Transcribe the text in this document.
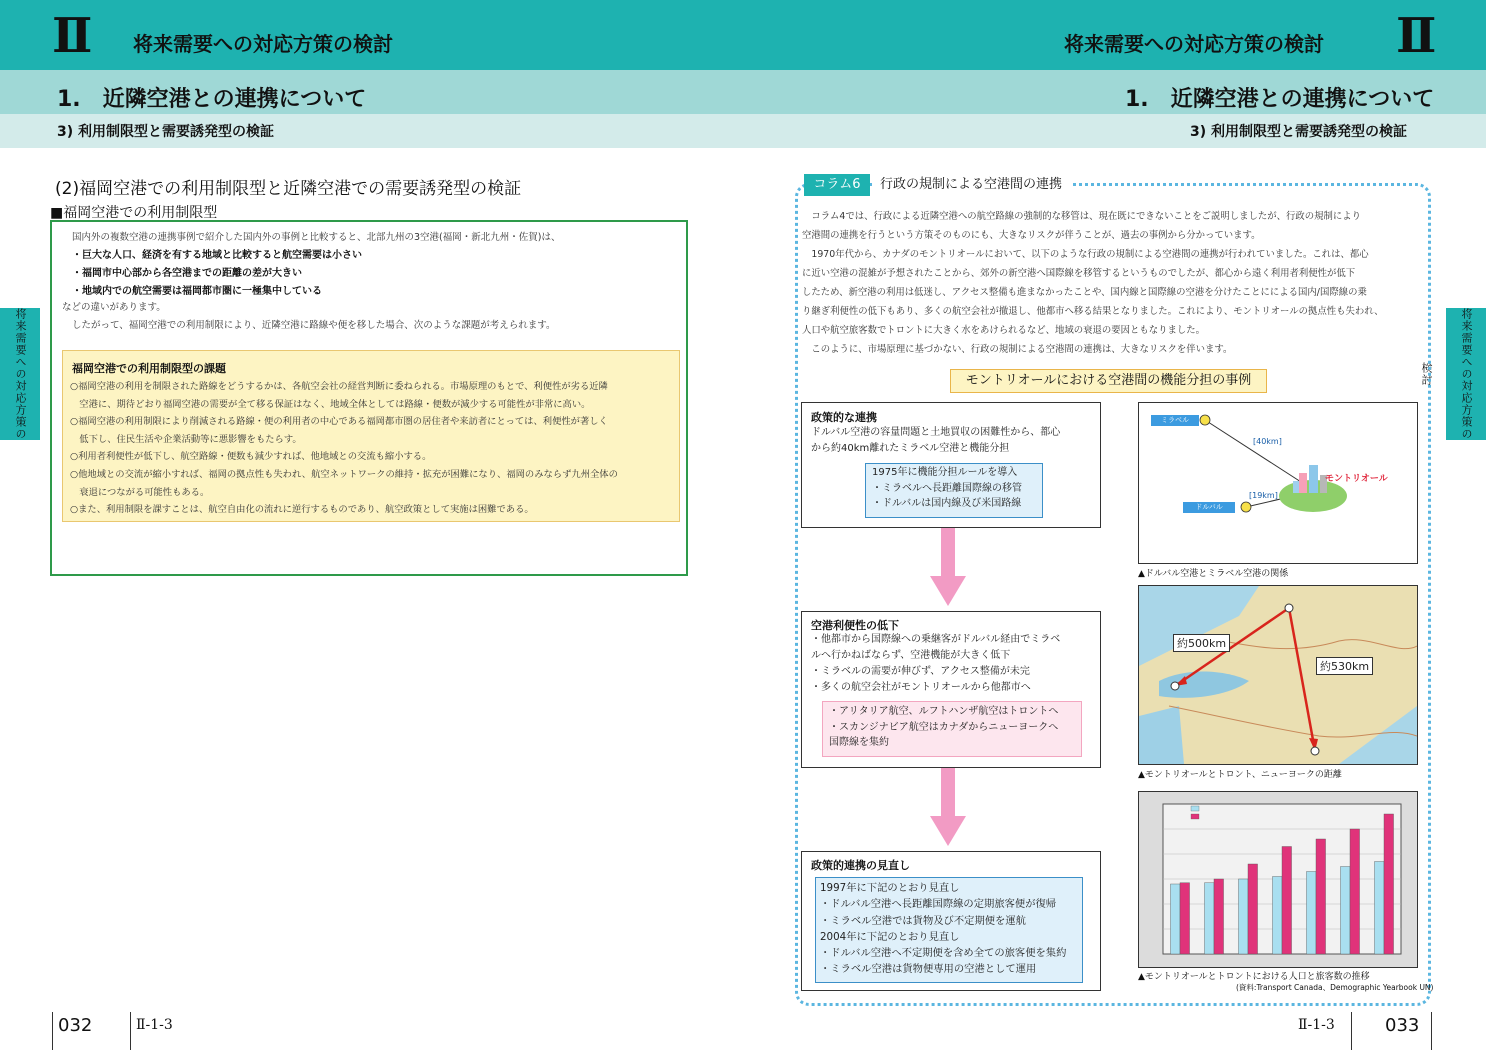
Ⅱ 将来需要への対応方策の検討	Ⅱ
将来需要への対応方策の検討
1.　近隣空港との連携について	1.　近隣空港との連携について
3) 利用制限型と需要誘発型の検証	3) 利用制限型と需要誘発型の検証
将来需要への対応方策の	将来需要への対応方策の検討
(2)福岡空港での利用制限型と近隣空港での需要誘発型の検証
■福岡空港での利用制限型
国内外の複数空港の連携事例で紹介した国内外の事例と比較すると、北部九州の3空港(福岡・新北九州・佐賀)は、
・巨大な人口、経済を有する地域と比較すると航空需要は小さい
・福岡市中心部から各空港までの距離の差が大きい
・地域内での航空需要は福岡都市圏に一極集中している
などの違いがあります。
したがって、福岡空港での利用制限により、近隣空港に路線や便を移した場合、次のような課題が考えられます。
福岡空港での利用制限型の課題
○福岡空港の利用を制限された路線をどうするかは、各航空会社の経営判断に委ねられる。市場原理のもとで、利便性が劣る近隣
　空港に、期待どおり福岡空港の需要が全て移る保証はなく、地域全体としては路線・便数が減少する可能性が非常に高い。
○福岡空港の利用制限により削減される路線・便の利用者の中心である福岡都市圏の居住者や来訪者にとっては、利便性が著しく
　低下し、住民生活や企業活動等に悪影響をもたらす。
○利用者利便性が低下し、航空路線・便数も減少すれば、他地域との交流も縮小する。
○他地域との交流が縮小すれば、福岡の拠点性も失われ、航空ネットワークの維持・拡充が困難になり、福岡のみならず九州全体の
　衰退につながる可能性もある。
○また、利用制限を課すことは、航空自由化の流れに逆行するものであり、航空政策として実施は困難である。
コラム6	行政の規制による空港間の連携
　コラム4では、行政による近隣空港への航空路線の強制的な移管は、現在既にできないことをご説明しましたが、行政の規制により
空港間の連携を行うという方策そのものにも、大きなリスクが伴うことが、過去の事例から分かっています。
　1970年代から、カナダのモントリオールにおいて、以下のような行政の規制による空港間の連携が行われていました。これは、都心
に近い空港の混雑が予想されたことから、郊外の新空港へ国際線を移管するというものでしたが、都心から遠く利用者利便性が低下
したため、新空港の利用は低迷し、アクセス整備も進まなかったことや、国内線と国際線の空港を分けたことにによる国内/国際線の乗
り継ぎ利便性の低下もあり、多くの航空会社が撤退し、他都市へ移る結果となりました。これにより、モントリオールの拠点性も失われ、
人口や航空旅客数でトロントに大きく水をあけられるなど、地域の衰退の要因ともなりました。
　このように、市場原理に基づかない、行政の規制による空港間の連携は、大きなリスクを伴います。
モントリオールにおける空港間の機能分担の事例
政策的な連携
ドルバル空港の容量問題と土地買収の困難性から、都心
から約40km離れたミラベル空港と機能分担
1975年に機能分担ルールを導入
・ミラベルへ長距離国際線の移管
・ドルバルは国内線及び米国路線
空港利便性の低下
・他都市から国際線への乗継客がドルバル経由でミラベ
ルへ行かねばならず、空港機能が大きく低下
・ミラベルの需要が伸びず、アクセス整備が未完
・多くの航空会社がモントリオールから他都市へ
・アリタリア航空、ルフトハンザ航空はトロントへ
・スカンジナビア航空はカナダからニューヨークへ
国際線を集約
政策的連携の見直し
1997年に下記のとおり見直し
・ドルバル空港へ長距離国際線の定期旅客便が復帰
・ミラベル空港では貨物及び不定期便を運航
2004年に下記のとおり見直し
・ドルバル空港へ不定期便を含め全ての旅客便を集約
・ミラベル空港は貨物便専用の空港として運用
ミラベル
ドルバル
[40km]
[19km]
モントリオール
▲ドルバル空港とミラベル空港の関係
約500km
約530km
▲モントリオールとトロント、ニューヨークの距離
▲モントリオールとトロントにおける人口と旅客数の推移
(資料:Transport Canada、Demographic Yearbook UN)
032	Ⅱ-1-3	Ⅱ-1-3	033
